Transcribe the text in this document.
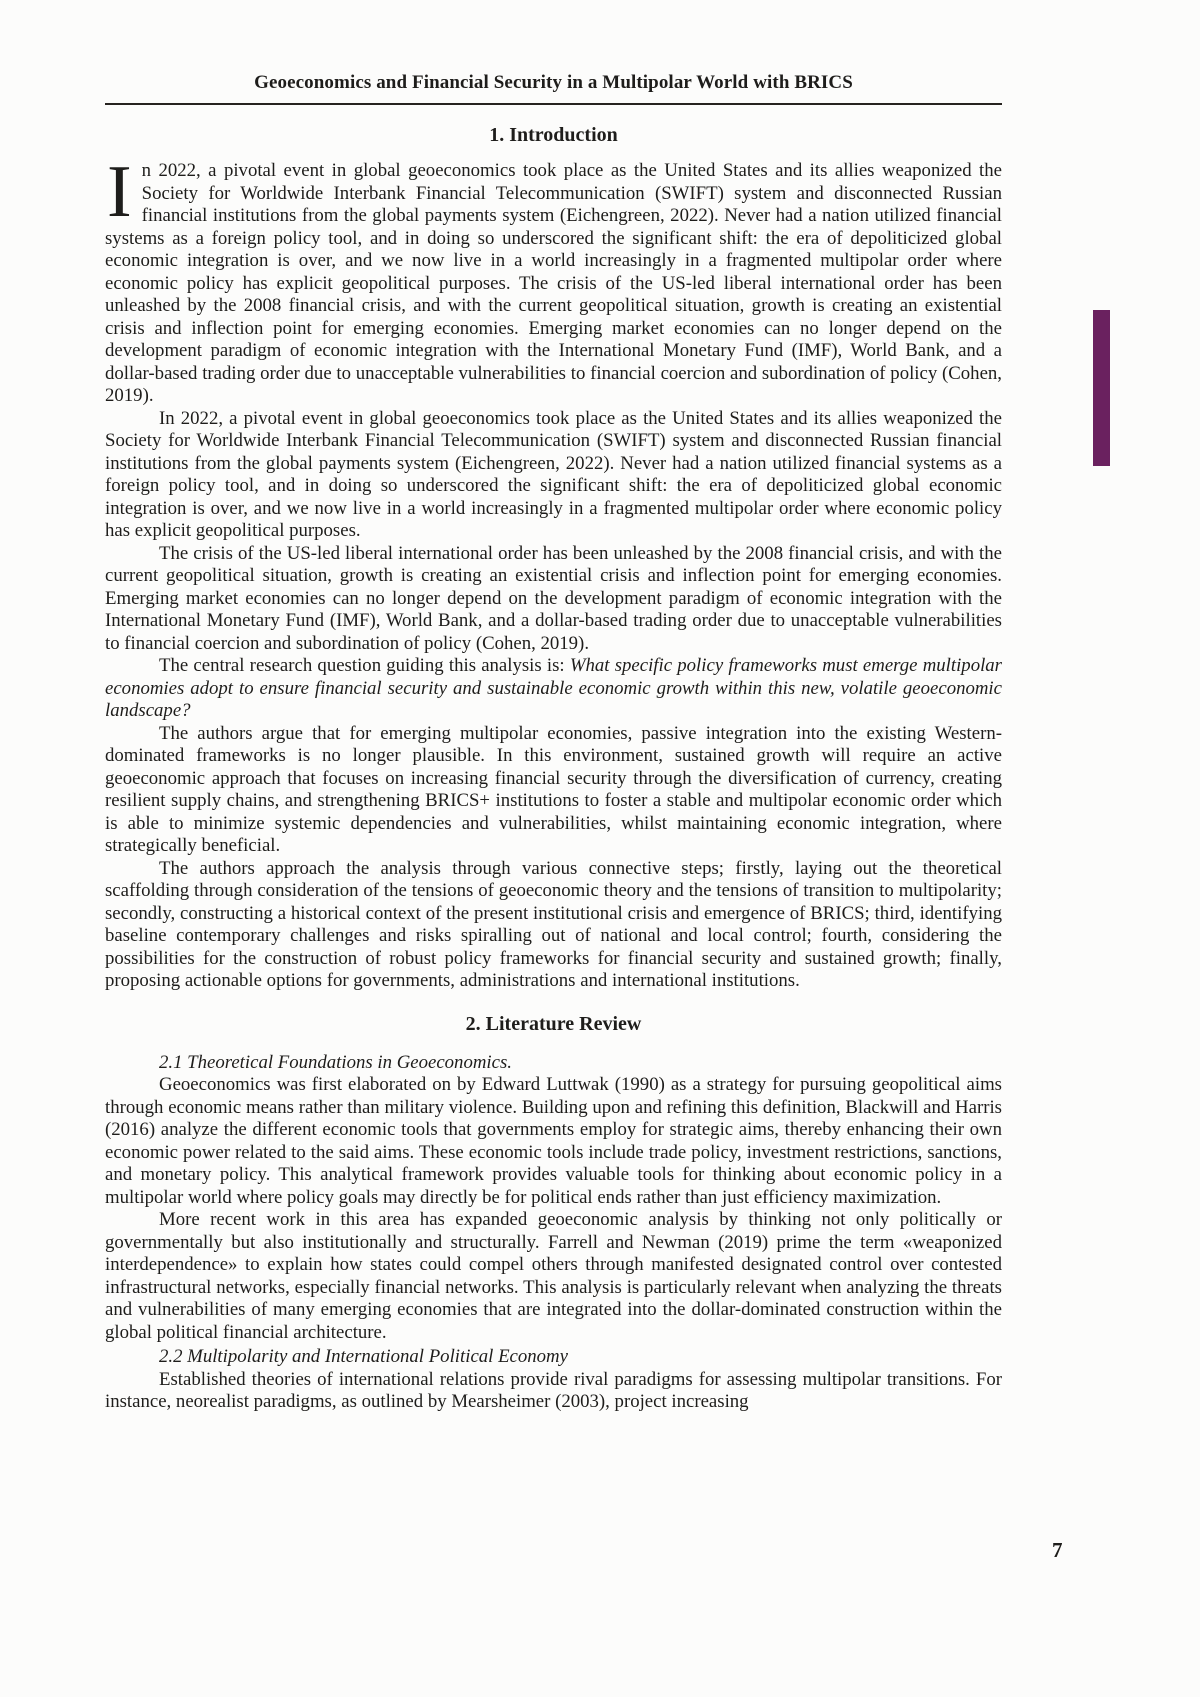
Geoeconomics and Financial Security in a Multipolar World with BRICS
1. Introduction

In 2022, a pivotal event in global geoeconomics took place as the United States and its allies weaponized the Society for Worldwide Interbank Financial Telecommunication (SWIFT) system and disconnected Russian financial institutions from the global payments system (Eichengreen, 2022). Never had a nation utilized financial systems as a foreign policy tool, and in doing so underscored the significant shift: the era of depoliticized global economic integration is over, and we now live in a world increasingly in a fragmented multipolar order where economic policy has explicit geopolitical purposes. The crisis of the US-led liberal international order has been unleashed by the 2008 financial crisis, and with the current geopolitical situation, growth is creating an existential crisis and inflection point for emerging economies. Emerging market economies can no longer depend on the development paradigm of economic integration with the International Monetary Fund (IMF), World Bank, and a dollar-based trading order due to unacceptable vulnerabilities to financial coercion and subordination of policy (Cohen, 2019).

In 2022, a pivotal event in global geoeconomics took place as the United States and its allies weaponized the Society for Worldwide Interbank Financial Telecommunication (SWIFT) system and disconnected Russian financial institutions from the global payments system (Eichengreen, 2022). Never had a nation utilized financial systems as a foreign policy tool, and in doing so underscored the significant shift: the era of depoliticized global economic integration is over, and we now live in a world increasingly in a fragmented multipolar order where economic policy has explicit geopolitical purposes.

The crisis of the US-led liberal international order has been unleashed by the 2008 financial crisis, and with the current geopolitical situation, growth is creating an existential crisis and inflection point for emerging economies. Emerging market economies can no longer depend on the development paradigm of economic integration with the International Monetary Fund (IMF), World Bank, and a dollar-based trading order due to unacceptable vulnerabilities to financial coercion and subordination of policy (Cohen, 2019).

The central research question guiding this analysis is: What specific policy frameworks must emerge multipolar economies adopt to ensure financial security and sustainable economic growth within this new, volatile geoeconomic landscape?

The authors argue that for emerging multipolar economies, passive integration into the existing Western-dominated frameworks is no longer plausible. In this environment, sustained growth will require an active geoeconomic approach that focuses on increasing financial security through the diversification of currency, creating resilient supply chains, and strengthening BRICS+ institutions to foster a stable and multipolar economic order which is able to minimize systemic dependencies and vulnerabilities, whilst maintaining economic integration, where strategically beneficial.

The authors approach the analysis through various connective steps; firstly, laying out the theoretical scaffolding through consideration of the tensions of geoeconomic theory and the tensions of transition to multipolarity; secondly, constructing a historical context of the present institutional crisis and emergence of BRICS; third, identifying baseline contemporary challenges and risks spiralling out of national and local control; fourth, considering the possibilities for the construction of robust policy frameworks for financial security and sustained growth; finally, proposing actionable options for governments, administrations and international institutions.

2. Literature Review

2.1 Theoretical Foundations in Geoeconomics.

Geoeconomics was first elaborated on by Edward Luttwak (1990) as a strategy for pursuing geopolitical aims through economic means rather than military violence. Building upon and refining this definition, Blackwill and Harris (2016) analyze the different economic tools that governments employ for strategic aims, thereby enhancing their own economic power related to the said aims. These economic tools include trade policy, investment restrictions, sanctions, and monetary policy. This analytical framework provides valuable tools for thinking about economic policy in a multipolar world where policy goals may directly be for political ends rather than just efficiency maximization.

More recent work in this area has expanded geoeconomic analysis by thinking not only politically or governmentally but also institutionally and structurally. Farrell and Newman (2019) prime the term «weaponized interdependence» to explain how states could compel others through manifested designated control over contested infrastructural networks, especially financial networks. This analysis is particularly relevant when analyzing the threats and vulnerabilities of many emerging economies that are integrated into the dollar-dominated construction within the global political financial architecture.

2.2 Multipolarity and International Political Economy

Established theories of international relations provide rival paradigms for assessing multipolar transitions. For instance, neorealist paradigms, as outlined by Mearsheimer (2003), project increasing

7
